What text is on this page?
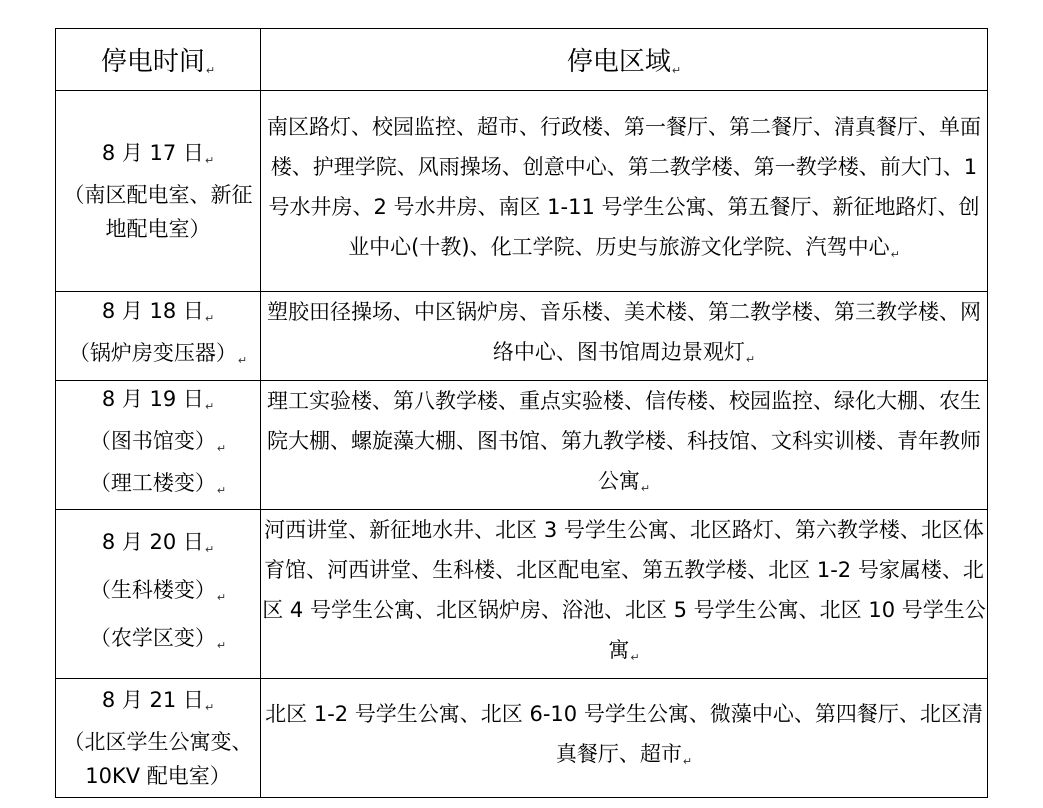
停电时间↵	停电区域↵

8 月 17 日↵
（南区配电室、新征地配电室）	南区路灯、校园监控、超市、行政楼、第一餐厅、第二餐厅、清真餐厅、单面楼、护理学院、风雨操场、创意中心、第二教学楼、第一教学楼、前大门、1 号水井房、2 号水井房、南区 1-11 号学生公寓、第五餐厅、新征地路灯、创业中心(十教)、化工学院、历史与旅游文化学院、汽驾中心↵

8 月 18 日↵
（锅炉房变压器）↵	塑胶田径操场、中区锅炉房、音乐楼、美术楼、第二教学楼、第三教学楼、网络中心、图书馆周边景观灯↵

8 月 19 日↵
（图书馆变）↵
（理工楼变）↵	理工实验楼、第八教学楼、重点实验楼、信传楼、校园监控、绿化大棚、农生院大棚、螺旋藻大棚、图书馆、第九教学楼、科技馆、文科实训楼、青年教师公寓↵

8 月 20 日↵
（生科楼变）↵
（农学区变）↵	河西讲堂、新征地水井、北区 3 号学生公寓、北区路灯、第六教学楼、北区体育馆、河西讲堂、生科楼、北区配电室、第五教学楼、北区 1-2 号家属楼、北区 4 号学生公寓、北区锅炉房、浴池、北区 5 号学生公寓、北区 10 号学生公寓↵

8 月 21 日↵
（北区学生公寓变、10KV 配电室）	北区 1-2 号学生公寓、北区 6-10 号学生公寓、微藻中心、第四餐厅、北区清真餐厅、超市↵
